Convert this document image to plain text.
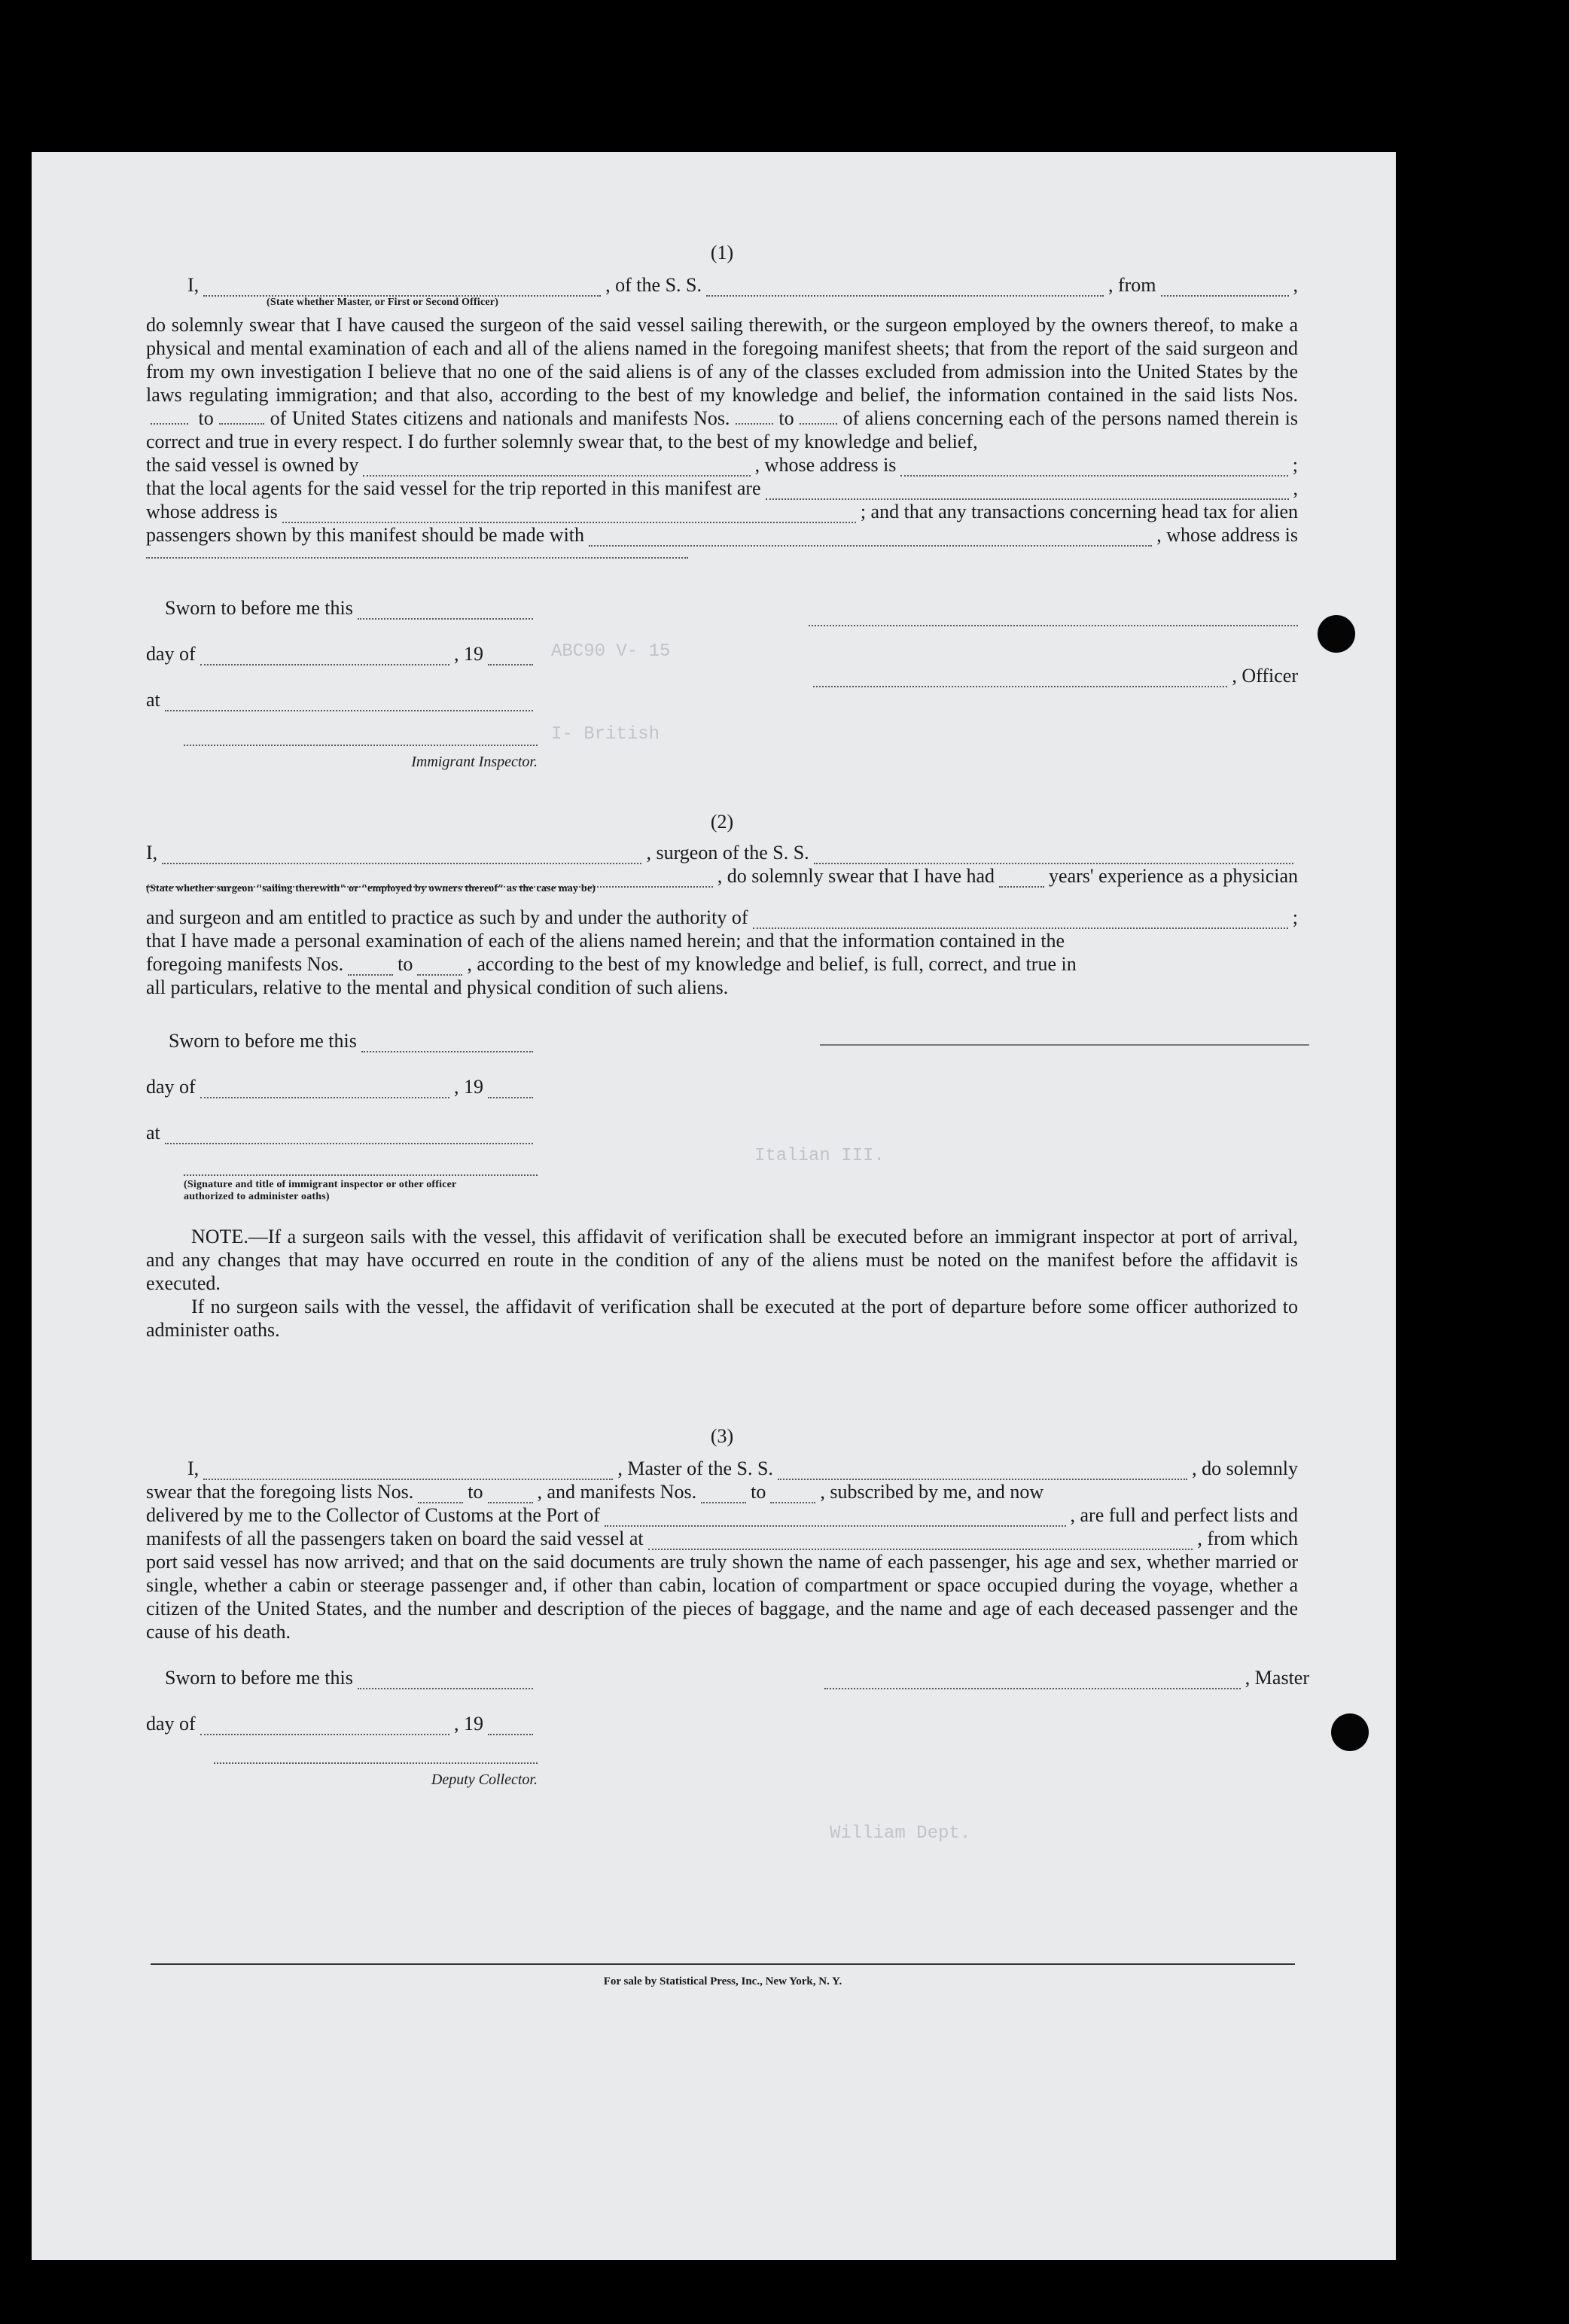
ABC90 V- 15
I- British
Italian III.
William Dept.

(1)

I,	, of the S. S.	, from	,
(State whether Master, or First or Second Officer)

do solemnly swear that I have caused the surgeon of the said vessel sailing therewith, or the surgeon employed by the owners thereof, to make a physical and mental examination of each and all of the aliens named in the foregoing manifest sheets; that from the report of the said surgeon and from my own investigation I believe that no one of the said aliens is of any of the classes excluded from admission into the United States by the laws regulating immigration; and that also, according to the best of my knowledge and belief, the information contained in the said lists Nos.  to	of United States citizens and nationals and manifests Nos. to of aliens concerning each of the persons named therein is correct and true in every respect. I do further solemnly swear that, to the best of my knowledge and belief,

the said vessel is owned by	, whose address is	;
that the local agents for the said vessel for the trip reported in this manifest are	,
whose address is	; and that any transactions concerning head tax for alien
passengers shown by this manifest should be made with	, whose address is
Sworn to before me this
day of	, 19
at
Immigrant Inspector.
, Officer

(2)

I,	, surgeon of the S. S.
, do solemnly swear that I have had	years' experience as a physician
(State whether surgeon "sailing therewith" or "employed by owners thereof" as the case may be)
and surgeon and am entitled to practice as such by and under the authority of	;
that I have made a personal examination of each of the aliens named herein; and that the information contained in the
foregoing manifests Nos.	to	, according to the best of my knowledge and belief, is full, correct, and true in
all particulars, relative to the mental and physical condition of such aliens.
Sworn to before me this
day of	, 19
at
(Signature and title of immigrant inspector or other officer authorized to administer oaths)

NOTE.—If a surgeon sails with the vessel, this affidavit of verification shall be executed before an immigrant inspector at port of arrival, and any changes that may have occurred en route in the condition of any of the aliens must be noted on the manifest before the affidavit is executed.

If no surgeon sails with the vessel, the affidavit of verification shall be executed at the port of departure before some officer authorized to administer oaths.

(3)

I,	, Master of the S. S.	, do solemnly
swear that the foregoing lists Nos.	to	, and manifests Nos.	to	, subscribed by me, and now
delivered by me to the Collector of Customs at the Port of	, are full and perfect lists and
manifests of all the passengers taken on board the said vessel at	, from which

port said vessel has now arrived; and that on the said documents are truly shown the name of each passenger, his age and sex, whether married or single, whether a cabin or steerage passenger and, if other than cabin, location of compartment or space occupied during the voyage, whether a citizen of the United States, and the number and description of the pieces of baggage, and the name and age of each deceased passenger and the cause of his death.

Sworn to before me this
day of	, 19
Deputy Collector.
, Master
For sale by Statistical Press, Inc., New York, N. Y.
